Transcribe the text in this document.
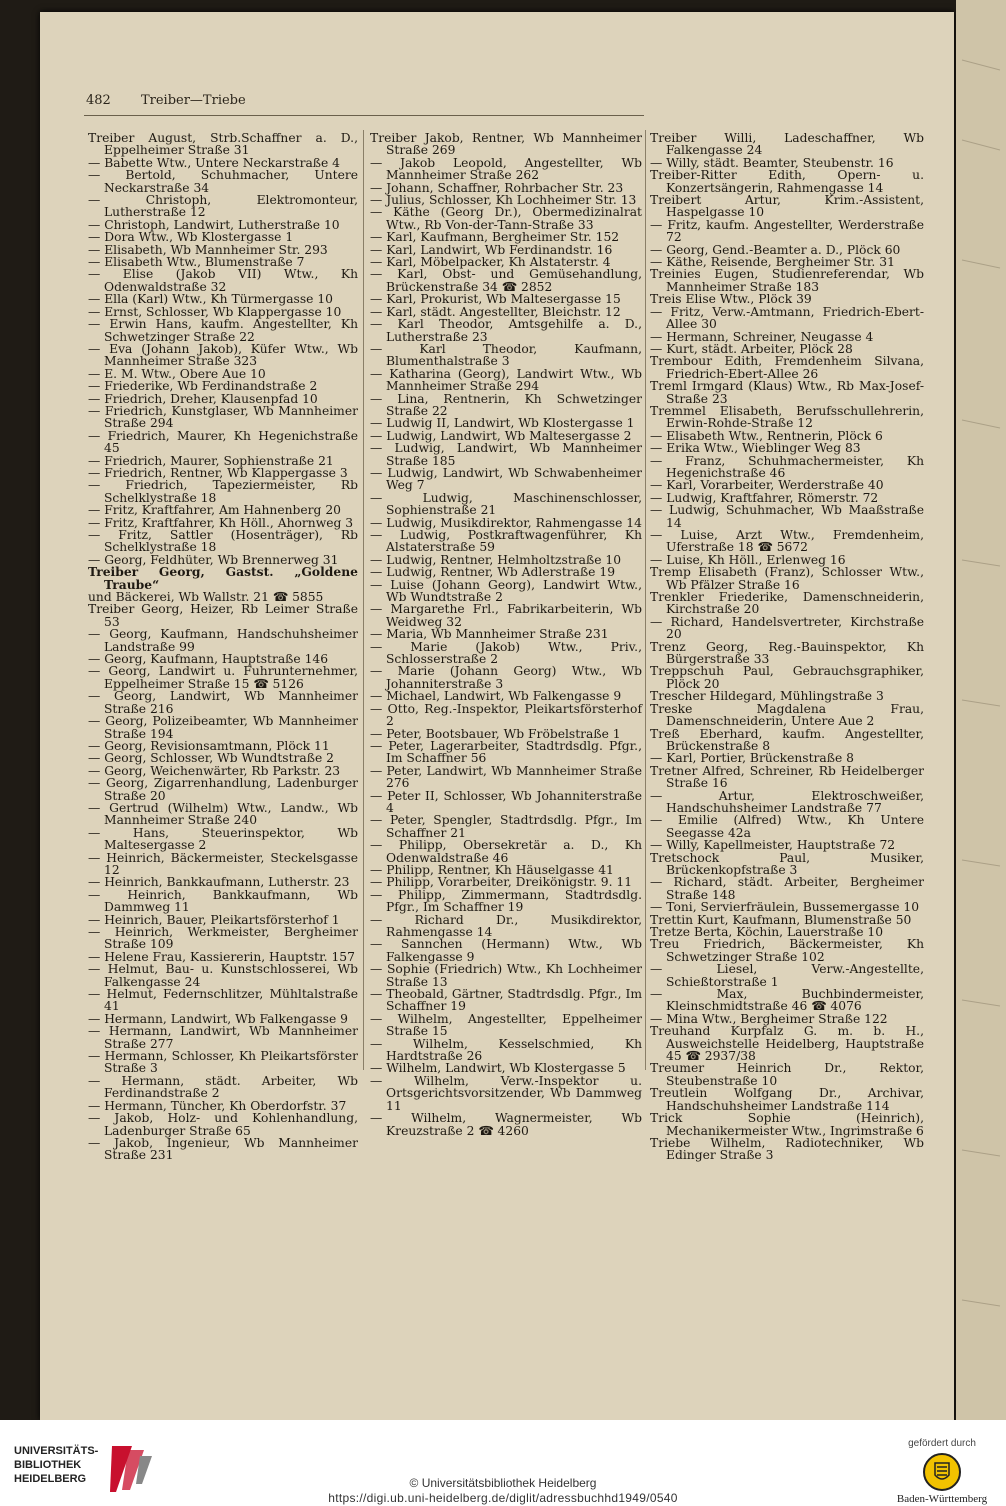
482 Treiber—Triebe
Treiber August, Strb.Schaffner a. D., Eppelheimer Straße 31
— Babette Wtw., Untere Neckarstraße 4
— Bertold, Schuhmacher, Untere Neckarstraße 34
— Christoph, Elektromonteur, Lutherstraße 12
— Christoph, Landwirt, Lutherstraße 10
— Dora Wtw., Wb Klostergasse 1
— Elisabeth, Wb Mannheimer Str. 293
— Elisabeth Wtw., Blumenstraße 7
— Elise (Jakob VII) Wtw., Kh Odenwaldstraße 32
— Ella (Karl) Wtw., Kh Türmergasse 10
— Ernst, Schlosser, Wb Klappergasse 10
— Erwin Hans, kaufm. Angestellter, Kh Schwetzinger Straße 22
— Eva (Johann Jakob), Küfer Wtw., Wb Mannheimer Straße 323
— E. M. Wtw., Obere Aue 10
— Friederike, Wb Ferdinandstraße 2
— Friedrich, Dreher, Klausenpfad 10
— Friedrich, Kunstglaser, Wb Mannheimer Straße 294
— Friedrich, Maurer, Kh Hegenichstraße 45
— Friedrich, Maurer, Sophienstraße 21
— Friedrich, Rentner, Wb Klappergasse 3
— Friedrich, Tapeziermeister, Rb Schelklystraße 18
— Fritz, Kraftfahrer, Am Hahnenberg 20
— Fritz, Kraftfahrer, Kh Höll., Ahornweg 3
— Fritz, Sattler (Hosenträger), Rb Schelklystraße 18
— Georg, Feldhüter, Wb Brennerweg 31
Treiber Georg, Gastst. „Goldene Traube“
und Bäckerei, Wb Wallstr. 21 ☎ 5855
Treiber Georg, Heizer, Rb Leimer Straße 53
— Georg, Kaufmann, Handschuhsheimer Landstraße 99
— Georg, Kaufmann, Hauptstraße 146
— Georg, Landwirt u. Fuhrunternehmer, Eppelheimer Straße 15 ☎ 5126
— Georg, Landwirt, Wb Mannheimer Straße 216
— Georg, Polizeibeamter, Wb Mannheimer Straße 194
— Georg, Revisionsamtmann, Plöck 11
— Georg, Schlosser, Wb Wundtstraße 2
— Georg, Weichenwärter, Rb Parkstr. 23
— Georg, Zigarrenhandlung, Ladenburger Straße 20
— Gertrud (Wilhelm) Wtw., Landw., Wb Mannheimer Straße 240
— Hans, Steuerinspektor, Wb Maltesergasse 2
— Heinrich, Bäckermeister, Steckelsgasse 12
— Heinrich, Bankkaufmann, Lutherstr. 23
— Heinrich, Bankkaufmann, Wb Dammweg 11
— Heinrich, Bauer, Pleikartsförsterhof 1
— Heinrich, Werkmeister, Bergheimer Straße 109
— Helene Frau, Kassiererin, Hauptstr. 157
— Helmut, Bau- u. Kunstschlosserei, Wb Falkengasse 24
— Helmut, Federnschlitzer, Mühltalstraße 41
— Hermann, Landwirt, Wb Falkengasse 9
— Hermann, Landwirt, Wb Mannheimer Straße 277
— Hermann, Schlosser, Kh Pleikartsförster Straße 3
— Hermann, städt. Arbeiter, Wb Ferdinandstraße 2
— Hermann, Tüncher, Kh Oberdorfstr. 37
— Jakob, Holz- und Kohlenhandlung, Ladenburger Straße 65
— Jakob, Ingenieur, Wb Mannheimer Straße 231
Treiber Jakob, Rentner, Wb Mannheimer Straße 269
— Jakob Leopold, Angestellter, Wb Mannheimer Straße 262
— Johann, Schaffner, Rohrbacher Str. 23
— Julius, Schlosser, Kh Lochheimer Str. 13
— Käthe (Georg Dr.), Obermedizinalrat Wtw., Rb Von-der-Tann-Straße 33
— Karl, Kaufmann, Bergheimer Str. 152
— Karl, Landwirt, Wb Ferdinandstr. 16
— Karl, Möbelpacker, Kh Alstaterstr. 4
— Karl, Obst- und Gemüsehandlung, Brückenstraße 34 ☎ 2852
— Karl, Prokurist, Wb Maltesergasse 15
— Karl, städt. Angestellter, Bleichstr. 12
— Karl Theodor, Amtsgehilfe a. D., Lutherstraße 23
— Karl Theodor, Kaufmann, Blumenthalstraße 3
— Katharina (Georg), Landwirt Wtw., Wb Mannheimer Straße 294
— Lina, Rentnerin, Kh Schwetzinger Straße 22
— Ludwig II, Landwirt, Wb Klostergasse 1
— Ludwig, Landwirt, Wb Maltesergasse 2
— Ludwig, Landwirt, Wb Mannheimer Straße 185
— Ludwig, Landwirt, Wb Schwabenheimer Weg 7
— Ludwig, Maschinenschlosser, Sophienstraße 21
— Ludwig, Musikdirektor, Rahmengasse 14
— Ludwig, Postkraftwagenführer, Kh Alstaterstraße 59
— Ludwig, Rentner, Helmholtzstraße 10
— Ludwig, Rentner, Wb Adlerstraße 19
— Luise (Johann Georg), Landwirt Wtw., Wb Wundtstraße 2
— Margarethe Frl., Fabrikarbeiterin, Wb Weidweg 32
— Maria, Wb Mannheimer Straße 231
— Marie (Jakob) Wtw., Priv., Schlosserstraße 2
— Marie (Johann Georg) Wtw., Wb Johanniterstraße 3
— Michael, Landwirt, Wb Falkengasse 9
— Otto, Reg.-Inspektor, Pleikartsförsterhof 2
— Peter, Bootsbauer, Wb Fröbelstraße 1
— Peter, Lagerarbeiter, Stadtrdsdlg. Pfgr., Im Schaffner 56
— Peter, Landwirt, Wb Mannheimer Straße 276
— Peter II, Schlosser, Wb Johanniterstraße 4
— Peter, Spengler, Stadtrdsdlg. Pfgr., Im Schaffner 21
— Philipp, Obersekretär a. D., Kh Odenwaldstraße 46
— Philipp, Rentner, Kh Häuselgasse 41
— Philipp, Vorarbeiter, Dreikönigstr. 9. 11
— Philipp, Zimmermann, Stadtrdsdlg. Pfgr., Im Schaffner 19
— Richard Dr., Musikdirektor, Rahmengasse 14
— Sannchen (Hermann) Wtw., Wb Falkengasse 9
— Sophie (Friedrich) Wtw., Kh Lochheimer Straße 13
— Theobald, Gärtner, Stadtrdsdlg. Pfgr., Im Schaffner 19
— Wilhelm, Angestellter, Eppelheimer Straße 15
— Wilhelm, Kesselschmied, Kh Hardtstraße 26
— Wilhelm, Landwirt, Wb Klostergasse 5
— Wilhelm, Verw.-Inspektor u. Ortsgerichtsvorsitzender, Wb Dammweg 11
— Wilhelm, Wagnermeister, Wb Kreuzstraße 2 ☎ 4260
Treiber Willi, Ladeschaffner, Wb Falkengasse 24
— Willy, städt. Beamter, Steubenstr. 16
Treiber-Ritter Edith, Opern- u. Konzertsängerin, Rahmengasse 14
Treibert Artur, Krim.-Assistent, Haspelgasse 10
— Fritz, kaufm. Angestellter, Werderstraße 72
— Georg, Gend.-Beamter a. D., Plöck 60
— Käthe, Reisende, Bergheimer Str. 31
Treinies Eugen, Studienreferendar, Wb Mannheimer Straße 183
Treis Elise Wtw., Plöck 39
— Fritz, Verw.-Amtmann, Friedrich-Ebert-Allee 30
— Hermann, Schreiner, Neugasse 4
— Kurt, städt. Arbeiter, Plöck 28
Trembour Edith, Fremdenheim Silvana, Friedrich-Ebert-Allee 26
Treml Irmgard (Klaus) Wtw., Rb Max-Josef-Straße 23
Tremmel Elisabeth, Berufsschullehrerin, Erwin-Rohde-Straße 12
— Elisabeth Wtw., Rentnerin, Plöck 6
— Erika Wtw., Wieblinger Weg 83
— Franz, Schuhmachermeister, Kh Hegenichstraße 46
— Karl, Vorarbeiter, Werderstraße 40
— Ludwig, Kraftfahrer, Römerstr. 72
— Ludwig, Schuhmacher, Wb Maaßstraße 14
— Luise, Arzt Wtw., Fremdenheim, Uferstraße 18 ☎ 5672
— Luise, Kh Höll., Erlenweg 16
Tremp Elisabeth (Franz), Schlosser Wtw., Wb Pfälzer Straße 16
Trenkler Friederike, Damenschneiderin, Kirchstraße 20
— Richard, Handelsvertreter, Kirchstraße 20
Trenz Georg, Reg.-Bauinspektor, Kh Bürgerstraße 33
Treppschuh Paul, Gebrauchsgraphiker, Plöck 20
Trescher Hildegard, Mühlingstraße 3
Treske Magdalena Frau, Damenschneiderin, Untere Aue 2
Treß Eberhard, kaufm. Angestellter, Brückenstraße 8
— Karl, Portier, Brückenstraße 8
Tretner Alfred, Schreiner, Rb Heidelberger Straße 16
— Artur, Elektroschweißer, Handschuhsheimer Landstraße 77
— Emilie (Alfred) Wtw., Kh Untere Seegasse 42a
— Willy, Kapellmeister, Hauptstraße 72
Tretschock Paul, Musiker, Brückenkopfstraße 3
— Richard, städt. Arbeiter, Bergheimer Straße 148
— Toni, Servierfräulein, Bussemergasse 10
Trettin Kurt, Kaufmann, Blumenstraße 50
Tretze Berta, Köchin, Lauerstraße 10
Treu Friedrich, Bäckermeister, Kh Schwetzinger Straße 102
— Liesel, Verw.-Angestellte, Schießtorstraße 1
— Max, Buchbindermeister, Kleinschmidtstraße 46 ☎ 4076
— Mina Wtw., Bergheimer Straße 122
Treuhand Kurpfalz G. m. b. H., Ausweichstelle Heidelberg, Hauptstraße 45 ☎ 2937/38
Treumer Heinrich Dr., Rektor, Steubenstraße 10
Treutlein Wolfgang Dr., Archivar, Handschuhsheimer Landstraße 114
Trick Sophie (Heinrich), Mechanikermeister Wtw., Ingrimstraße 6
Triebe Wilhelm, Radiotechniker, Wb Edinger Straße 3
UNIVERSITÄTS-
BIBLIOTHEK
HEIDELBERG	© Universitätsbibliothek Heidelberg
https://digi.ub.uni-heidelberg.de/diglit/adressbuchhd1949/0540
gefördert durch
Baden-Württemberg
